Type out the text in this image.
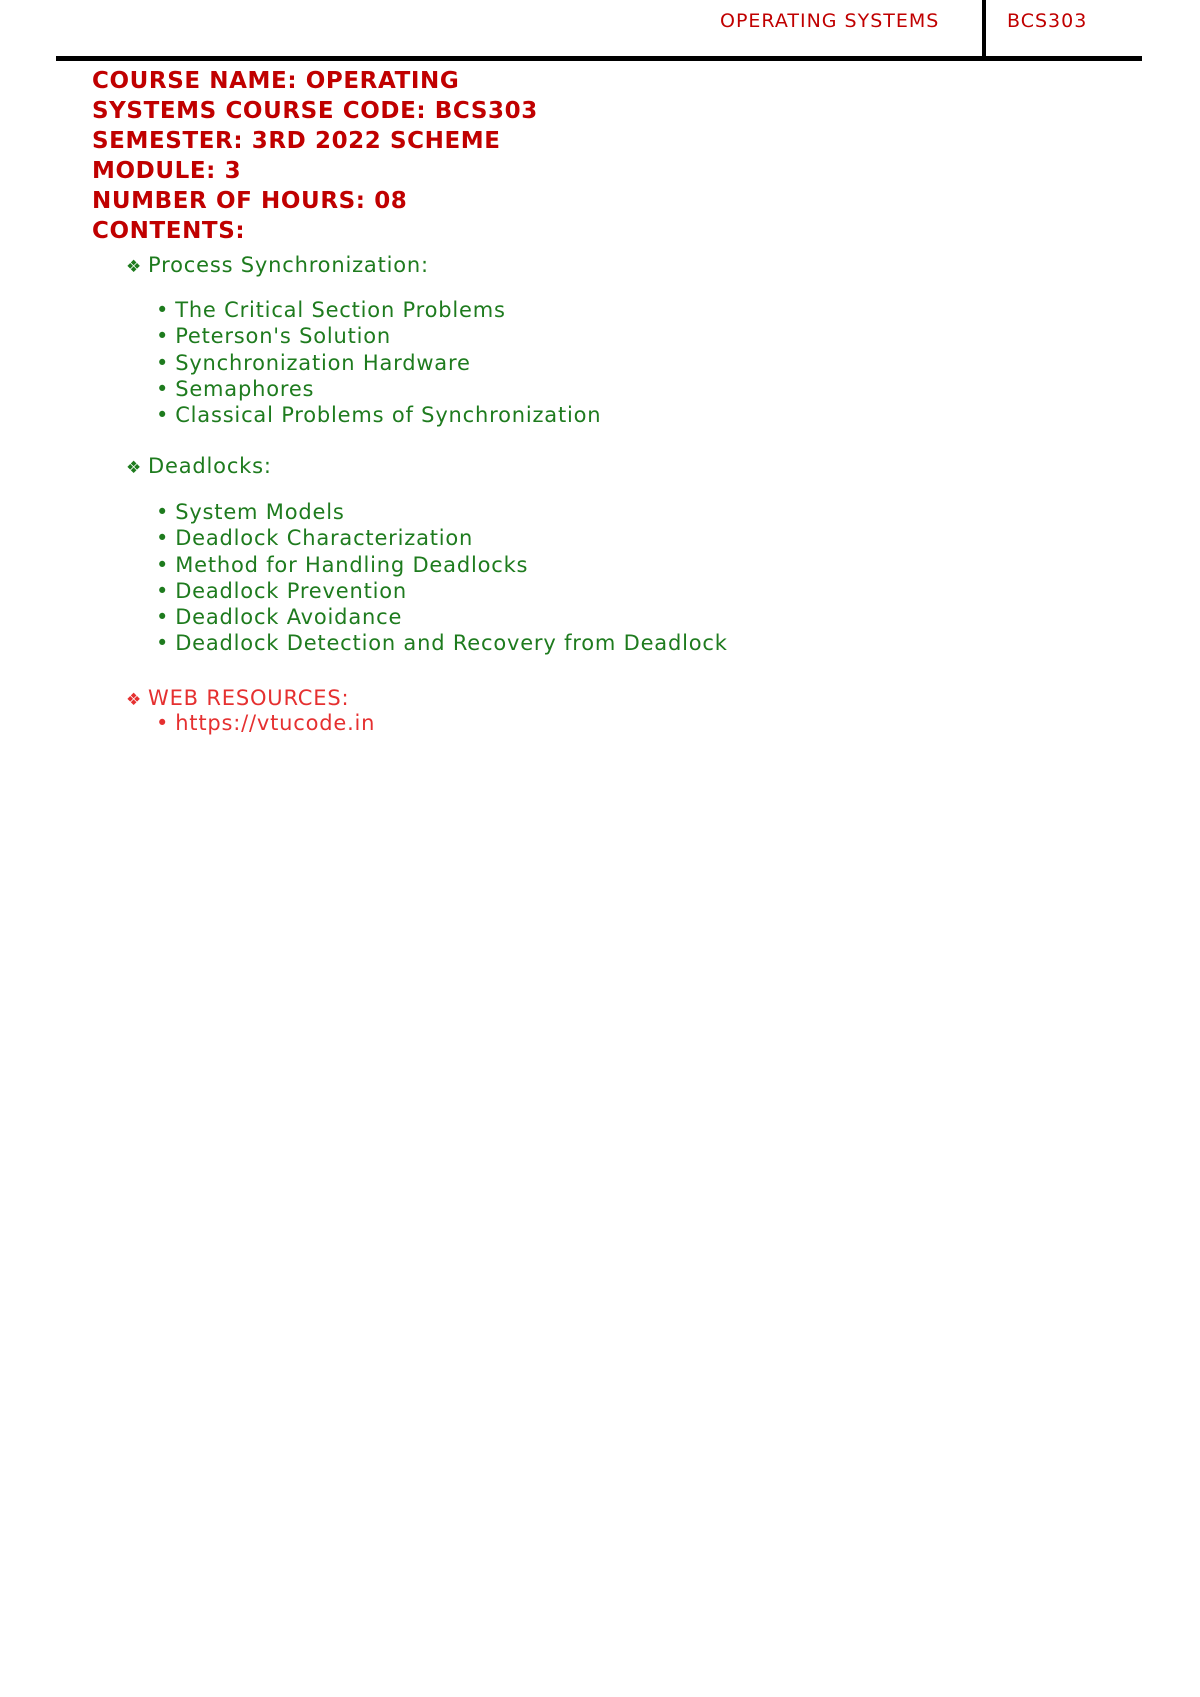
OPERATING SYSTEMS	BCS303
COURSE NAME: OPERATING
SYSTEMS COURSE CODE: BCS303
SEMESTER: 3RD 2022 SCHEME
MODULE: 3
NUMBER OF HOURS: 08
CONTENTS:
❖ Process Synchronization:
• The Critical Section Problems
• Peterson's Solution
• Synchronization Hardware
• Semaphores
• Classical Problems of Synchronization
❖ Deadlocks:
• System Models
• Deadlock Characterization
• Method for Handling Deadlocks
• Deadlock Prevention
• Deadlock Avoidance
• Deadlock Detection and Recovery from Deadlock
❖ WEB RESOURCES:
• https://vtucode.in
